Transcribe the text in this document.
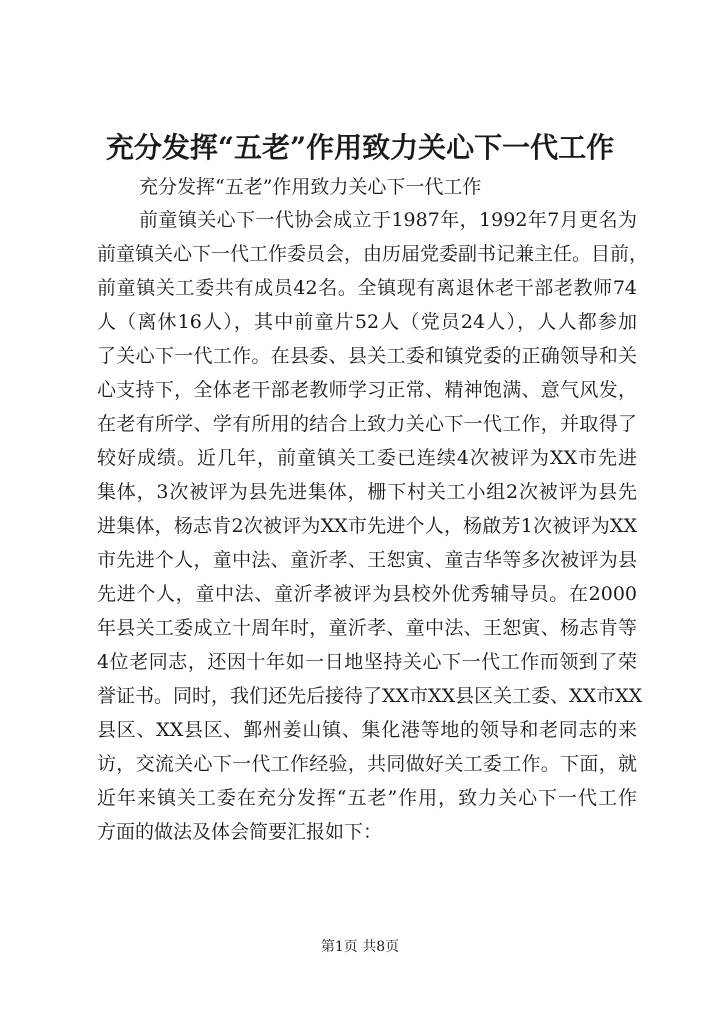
充分发挥“五老”作用致力关心下一代工作

充分发挥“五老”作用致力关心下一代工作

前童镇关心下一代协会成立于1987年，1992年7月更名为
前童镇关心下一代工作委员会，由历届党委副书记兼主任。目前，
前童镇关工委共有成员42名。全镇现有离退休老干部老教师74
人（离休16人），其中前童片52人（党员24人），人人都参加
了关心下一代工作。在县委、县关工委和镇党委的正确领导和关
心支持下，全体老干部老教师学习正常、精神饱满、意气风发，
在老有所学、学有所用的结合上致力关心下一代工作，并取得了
较好成绩。近几年，前童镇关工委已连续4次被评为XX市先进
集体，3次被评为县先进集体，栅下村关工小组2次被评为县先
进集体，杨志肯2次被评为XX市先进个人，杨啟芳1次被评为XX
市先进个人，童中法、童沂孝、王恕寅、童吉华等多次被评为县
先进个人，童中法、童沂孝被评为县校外优秀辅导员。在2000
年县关工委成立十周年时，童沂孝、童中法、王恕寅、杨志肯等
4位老同志，还因十年如一日地坚持关心下一代工作而领到了荣
誉证书。同时，我们还先后接待了XX市XX县区关工委、XX市XX
县区、XX县区、鄞州姜山镇、集化港等地的领导和老同志的来
访，交流关心下一代工作经验，共同做好关工委工作。下面，就
近年来镇关工委在充分发挥“五老”作用，致力关心下一代工作
方面的做法及体会简要汇报如下：
第1页 共8页
